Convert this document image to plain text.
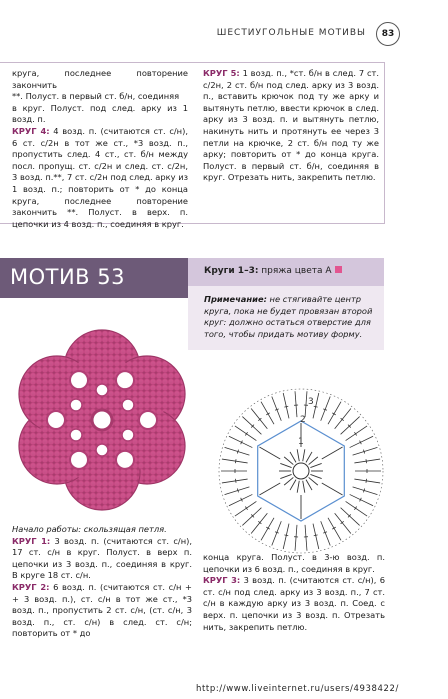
ШЕСТИУГОЛЬНЫЕ МОТИВЫ	83

круга, последнее повторение закончить

**. Полуст. в первый ст. б/н, соединяя

в круг. Полуст. под след. арку из 1 возд. п.

КРУГ 4: 4 возд. п. (считаются ст. с/н), 6 ст. с/2н в тот же ст., *3 возд. п., пропустить след. 4 ст., ст. б/н между посл. пропущ. ст. с/2н и след. ст. с/2н, 3 возд. п.**, 7 ст. с/2н под след. арку из 1 возд. п.; повторить от * до конца круга, последнее повторение закончить **. Полуст. в верх. п. цепочки из 4 возд. п., соединяя в круг.

КРУГ 5: 1 возд. п., *ст. б/н в след. 7 ст. с/2н, 2 ст. б/н под след. арку из 3 возд. п., вставить крючок под ту же арку и вытянуть петлю, ввести крючок в след. арку из 3 возд. п. и вытянуть петлю, накинуть нить и протянуть ее через 3 петли на крючке, 2 ст. б/н под ту же арку; повторить от * до конца круга. Полуст. в первый ст. б/н, соединяя в круг. Отрезать нить, закрепить петлю.

МОТИВ 53	Круги 1–3: пряжа цвета А
Примечание: не стягивайте центр круга, пока не будет провязан второй круг: должно остаться отверстие для того, чтобы придать мотиву форму.
3
2
1

Начало работы: скользящая петля.

КРУГ 1: 3 возд. п. (считаются ст. с/н), 17 ст. с/н в круг. Полуст. в верх п. цепочки из 3 возд. п., соединяя в круг. В круге 18 ст. с/н.

КРУГ 2: 6 возд. п. (считаются ст. с/н + + 3 возд. п.), ст. с/н в тот же ст., *3 возд. п., пропустить 2 ст. с/н, (ст. с/н, 3 возд. п., ст. с/н) в след. ст. с/н; повторить от * до

конца круга. Полуст. в 3-ю возд. п. цепочки из 6 возд. п., соединяя в круг.

КРУГ 3: 3 возд. п. (считаются ст. с/н), 6 ст. с/н под след. арку из 3 возд. п., 7 ст. с/н в каждую арку из 3 возд. п. Соед. с верх. п. цепочки из 3 возд. п. Отрезать нить, закрепить петлю.

http://www.liveinternet.ru/users/4938422/
